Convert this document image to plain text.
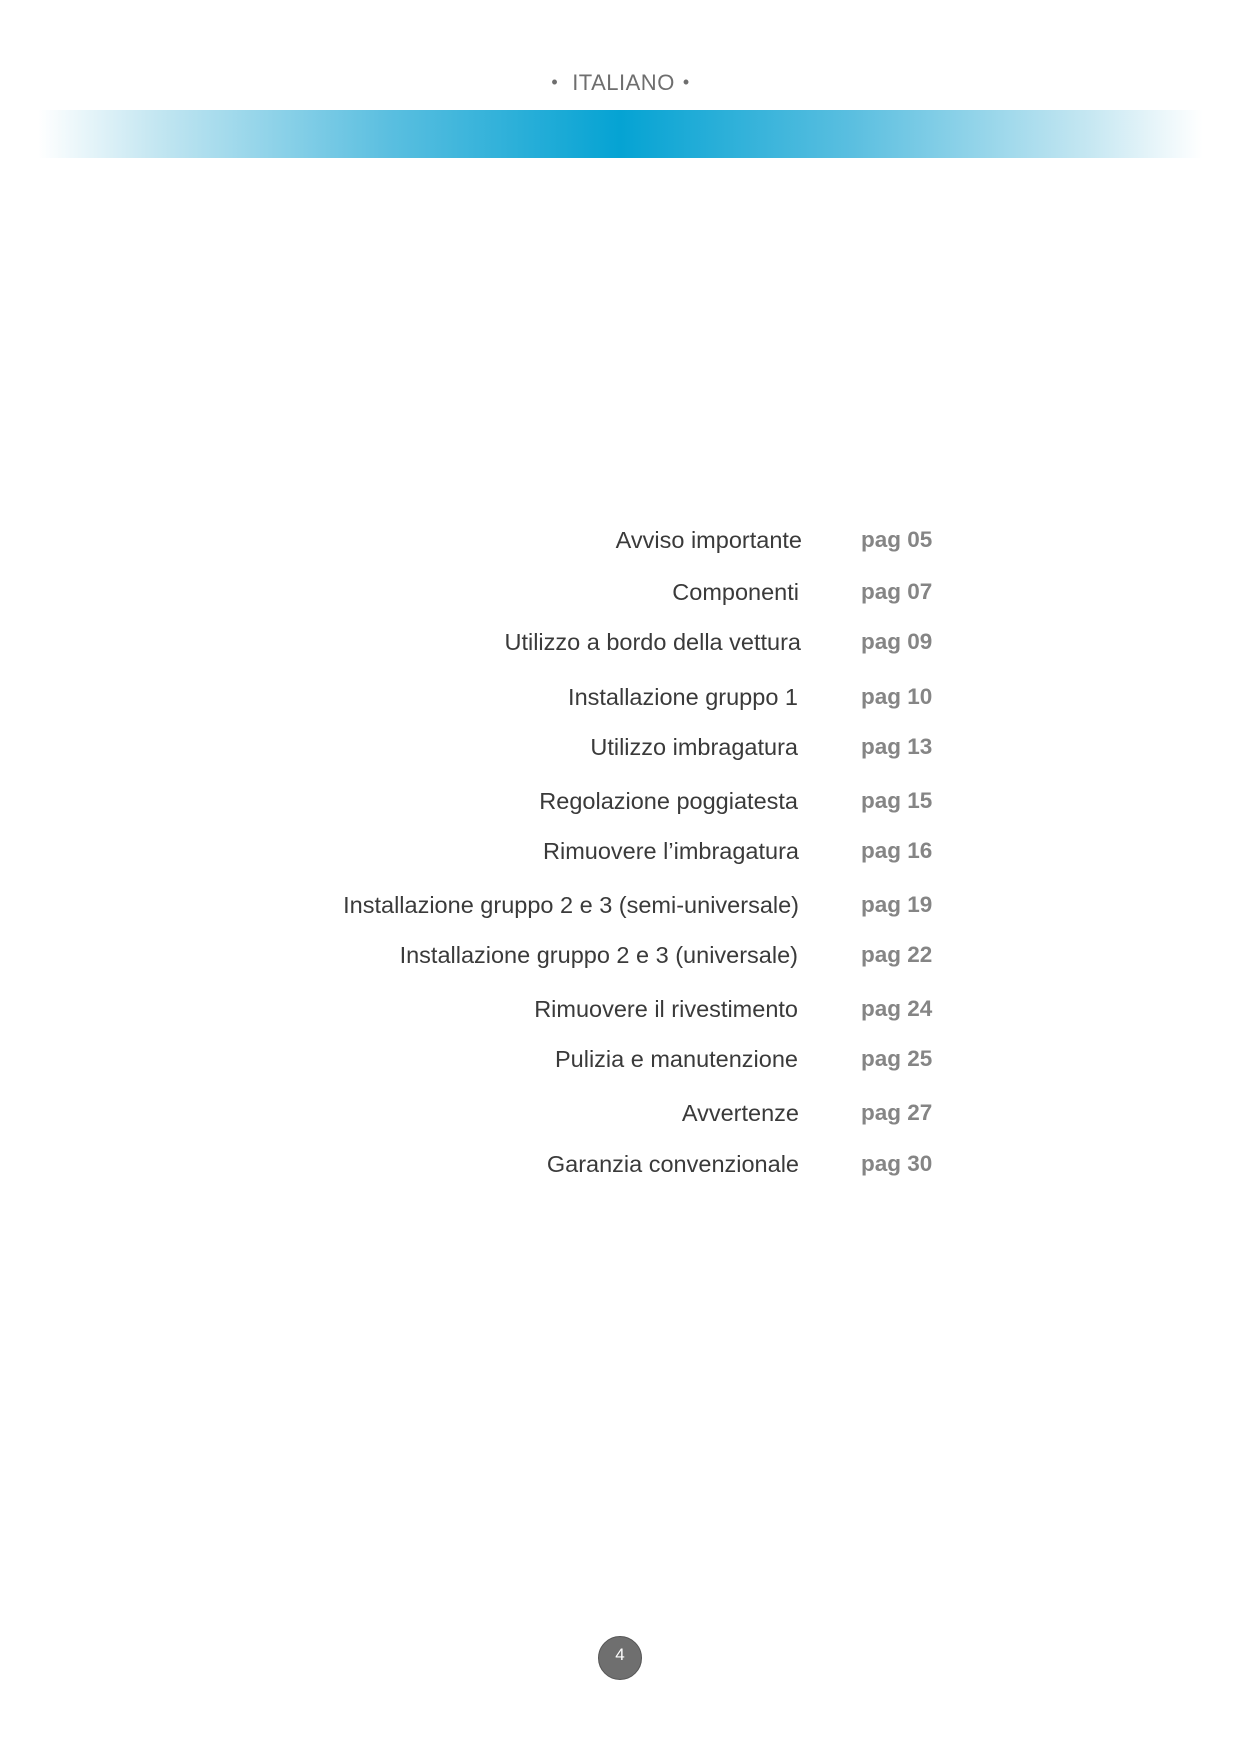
• ITALIANO •
Avviso importante	pag 05
Componenti	pag 07
Utilizzo a bordo della vettura	pag 09
Installazione gruppo 1	pag 10
Utilizzo imbragatura	pag 13
Regolazione poggiatesta	pag 15
Rimuovere l’imbragatura	pag 16
Installazione gruppo 2 e 3 (semi-universale)	pag 19
Installazione gruppo 2 e 3 (universale)	pag 22
Rimuovere il rivestimento	pag 24
Pulizia e manutenzione	pag 25
Avvertenze	pag 27
Garanzia convenzionale	pag 30
4
